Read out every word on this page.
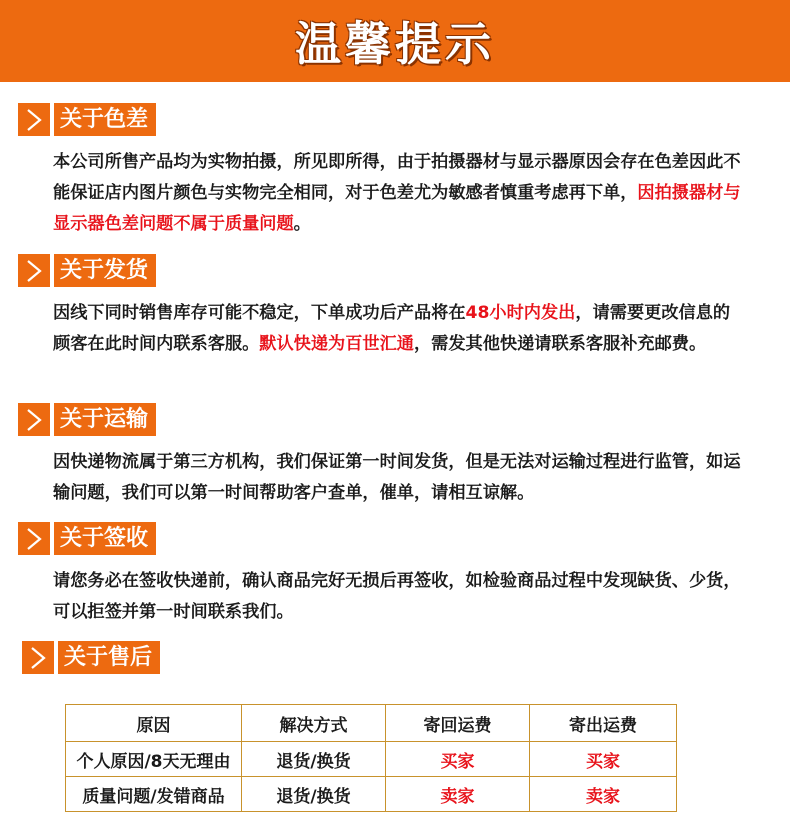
温馨提示
关于色差

本公司所售产品均为实物拍摄，所见即所得，由于拍摄器材与显示器原因会存在色差因此不能保证店内图片颜色与实物完全相同，对于色差尤为敏感者慎重考虑再下单，因拍摄器材与显示器色差问题不属于质量问题。

关于发货

因线下同时销售库存可能不稳定，下单成功后产品将在48小时内发出，请需要更改信息的顾客在此时间内联系客服。默认快递为百世汇通，需发其他快递请联系客服补充邮费。

关于运输

因快递物流属于第三方机构，我们保证第一时间发货，但是无法对运输过程进行监管，如运输问题，我们可以第一时间帮助客户查单，催单，请相互谅解。

关于签收

请您务必在签收快递前，确认商品完好无损后再签收，如检验商品过程中发现缺货、少货，可以拒签并第一时间联系我们。

关于售后
原因	解决方式	寄回运费	寄出运费
个人原因/8天无理由	退货/换货	买家	买家
质量问题/发错商品	退货/换货	卖家	卖家
